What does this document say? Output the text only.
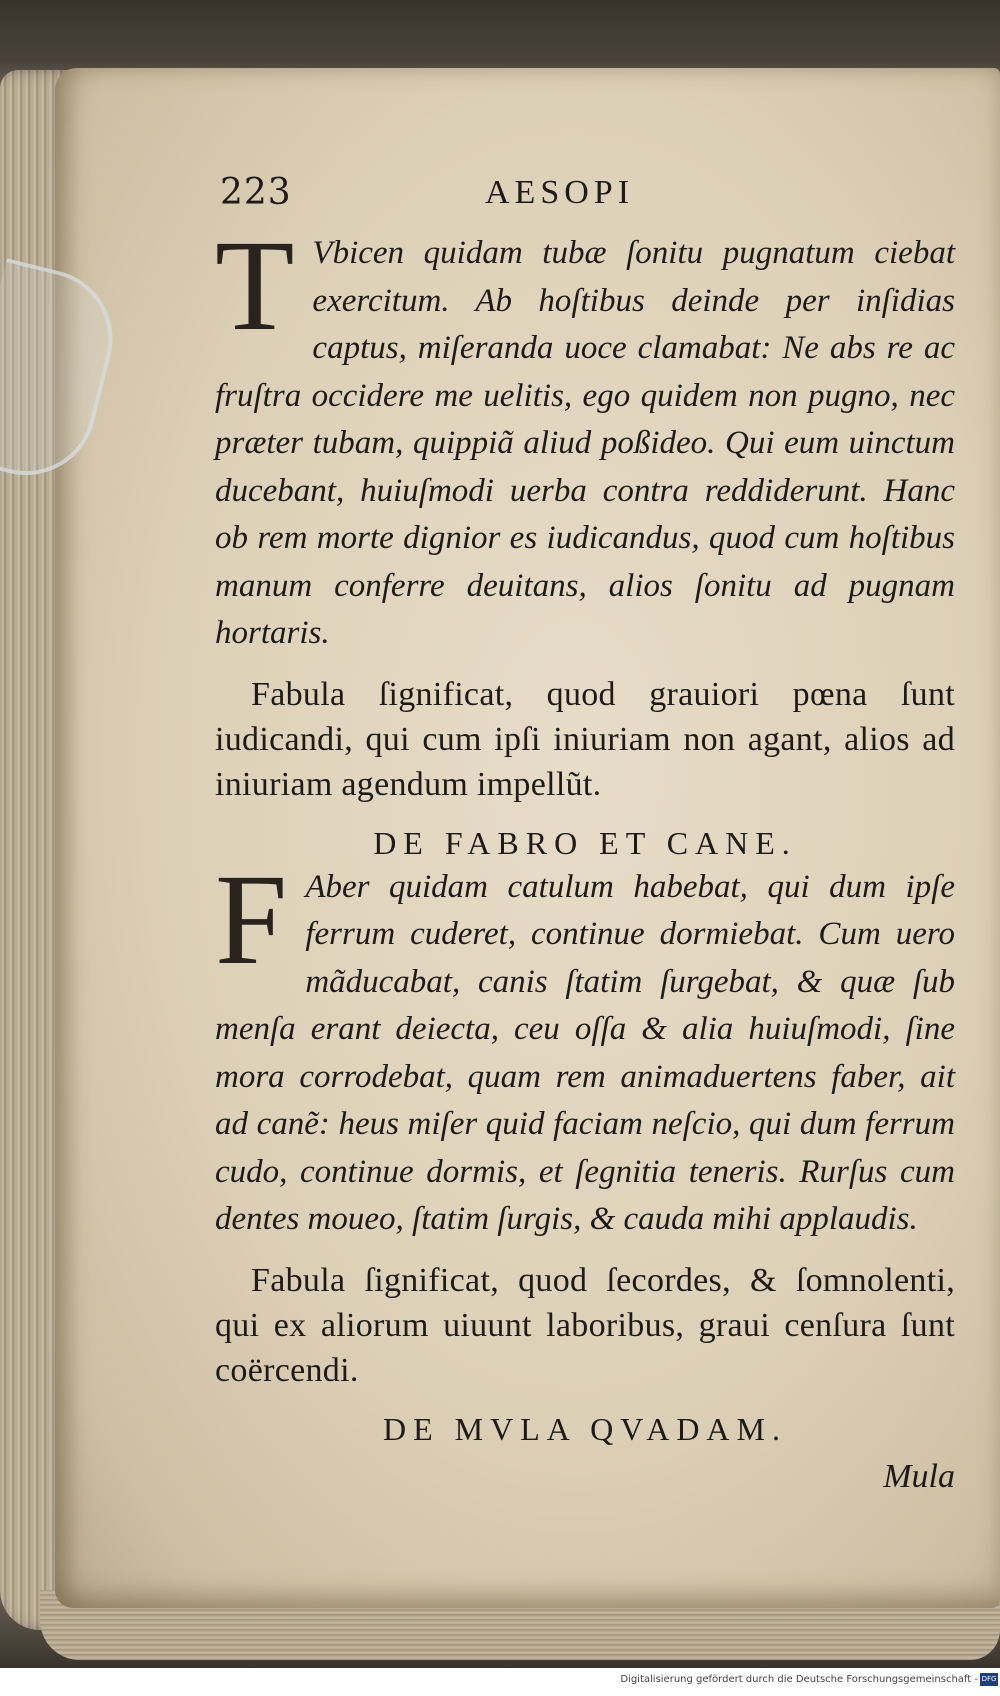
223	AESOPI
T Vbicen quidam tubæ ſonitu pugnatum ciebat exercitum. Ab hoſtibus deinde per inſidias captus, miſeranda uoce clamabat: Ne abs re ac fruſtra occidere me uelitis, ego quidem non pugno, nec præter tubam, quippiã aliud poßideo. Qui eum uinctum ducebant, huiuſmodi uerba contra reddiderunt. Hanc ob rem morte dignior es iudicandus, quod cum hoſtibus manum conferre deuitans, alios ſonitu ad pugnam hortaris.

Fabula ſignificat, quod grauiori pœna ſunt iudicandi, qui cum ipſi iniuriam non agant, alios ad iniuriam agendum impellũt.

DE FABRO ET CANE.
F Aber quidam catulum habebat, qui dum ipſe ferrum cuderet, continue dormiebat. Cum uero mãducabat, canis ſtatim ſurgebat, & quæ ſub menſa erant deiecta, ceu oſſa & alia huiuſmodi, ſine mora corrodebat, quam rem animaduertens faber, ait ad canẽ: heus miſer quid faciam neſcio, qui dum ferrum cudo, continue dormis, et ſegnitia teneris. Rurſus cum dentes moueo, ſtatim ſurgis, & cauda mihi applaudis.

Fabula ſignificat, quod ſecordes, & ſomnolenti, qui ex aliorum uiuunt laboribus, graui cenſura ſunt coërcendi.

DE MVLA QVADAM.
Mula
Digitalisierung gefördert durch die Deutsche Forschungsgemeinschaft - DFG
